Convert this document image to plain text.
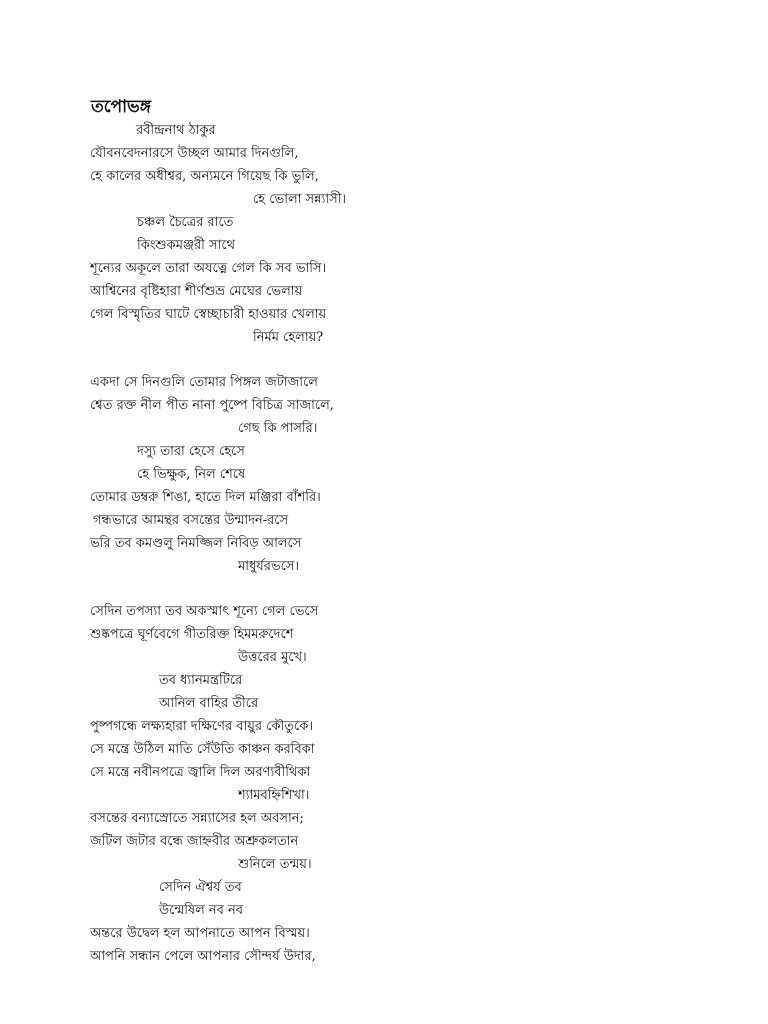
তপোভঙ্গ
রবীন্দ্রনাথ ঠাকুর
যৌবনবেদনারসে উচ্ছল আমার দিনগুলি,
হে কালের অধীশ্বর, অন্যমনে গিয়েছ কি ভুলি,
হে ভোলা সন্ন্যাসী।
চঞ্চল চৈত্রের রাতে
কিংশুকমঞ্জরী সাথে
শূন্যের অকূলে তারা অযত্নে গেল কি সব ভাসি।
আশ্বিনের বৃষ্টিহারা শীর্ণশুভ্র মেঘের ভেলায়
গেল বিস্মৃতির ঘাটে স্বেচ্ছাচারী হাওয়ার খেলায়
নির্মম হেলায়?
একদা সে দিনগুলি তোমার পিঙ্গল জটাজালে
শ্বেত রক্ত নীল পীত নানা পুষ্পে বিচিত্র সাজালে,
গেছ কি পাসরি।
দস্যু তারা হেসে হেসে
হে ভিক্ষুক, নিল শেষে
তোমার ডম্বরু শিঙা, হাতে দিল মঞ্জিরা বাঁশরি।
গন্ধভারে আমন্থর বসন্তের উন্মাদন-রসে
ভরি তব কমণ্ডলু নিমজ্জিল নিবিড় আলসে
মাধুর্যরভসে।
সেদিন তপস্যা তব অকস্মাৎ শূন্যে গেল ভেসে
শুষ্কপত্রে ঘূর্ণবেগে গীতরিক্ত হিমমরুদেশে
উত্তরের মুখে।
তব ধ্যানমন্ত্রটিরে
আনিল বাহির তীরে
পুষ্পগন্ধে লক্ষ্যহারা দক্ষিণের বায়ুর কৌতুকে।
সে মন্ত্রে উঠিল মাতি সেঁউতি কাঞ্চন করবিকা
সে মন্ত্রে নবীনপত্রে জ্বালি দিল অরণ্যবীথিকা
শ্যামবহ্নিশিখা।
বসন্তের বন্যাস্রোতে সন্ন্যাসের হল অবসান;
জটিল জটার বন্ধে জাহ্নবীর অশ্রুকলতান
শুনিলে তন্ময়।
সেদিন ঐশ্বর্য তব
উন্মেষিল নব নব
অন্তরে উদ্বেল হল আপনাতে আপন বিস্ময়।
আপনি সন্ধান পেলে আপনার সৌন্দর্য উদার,
